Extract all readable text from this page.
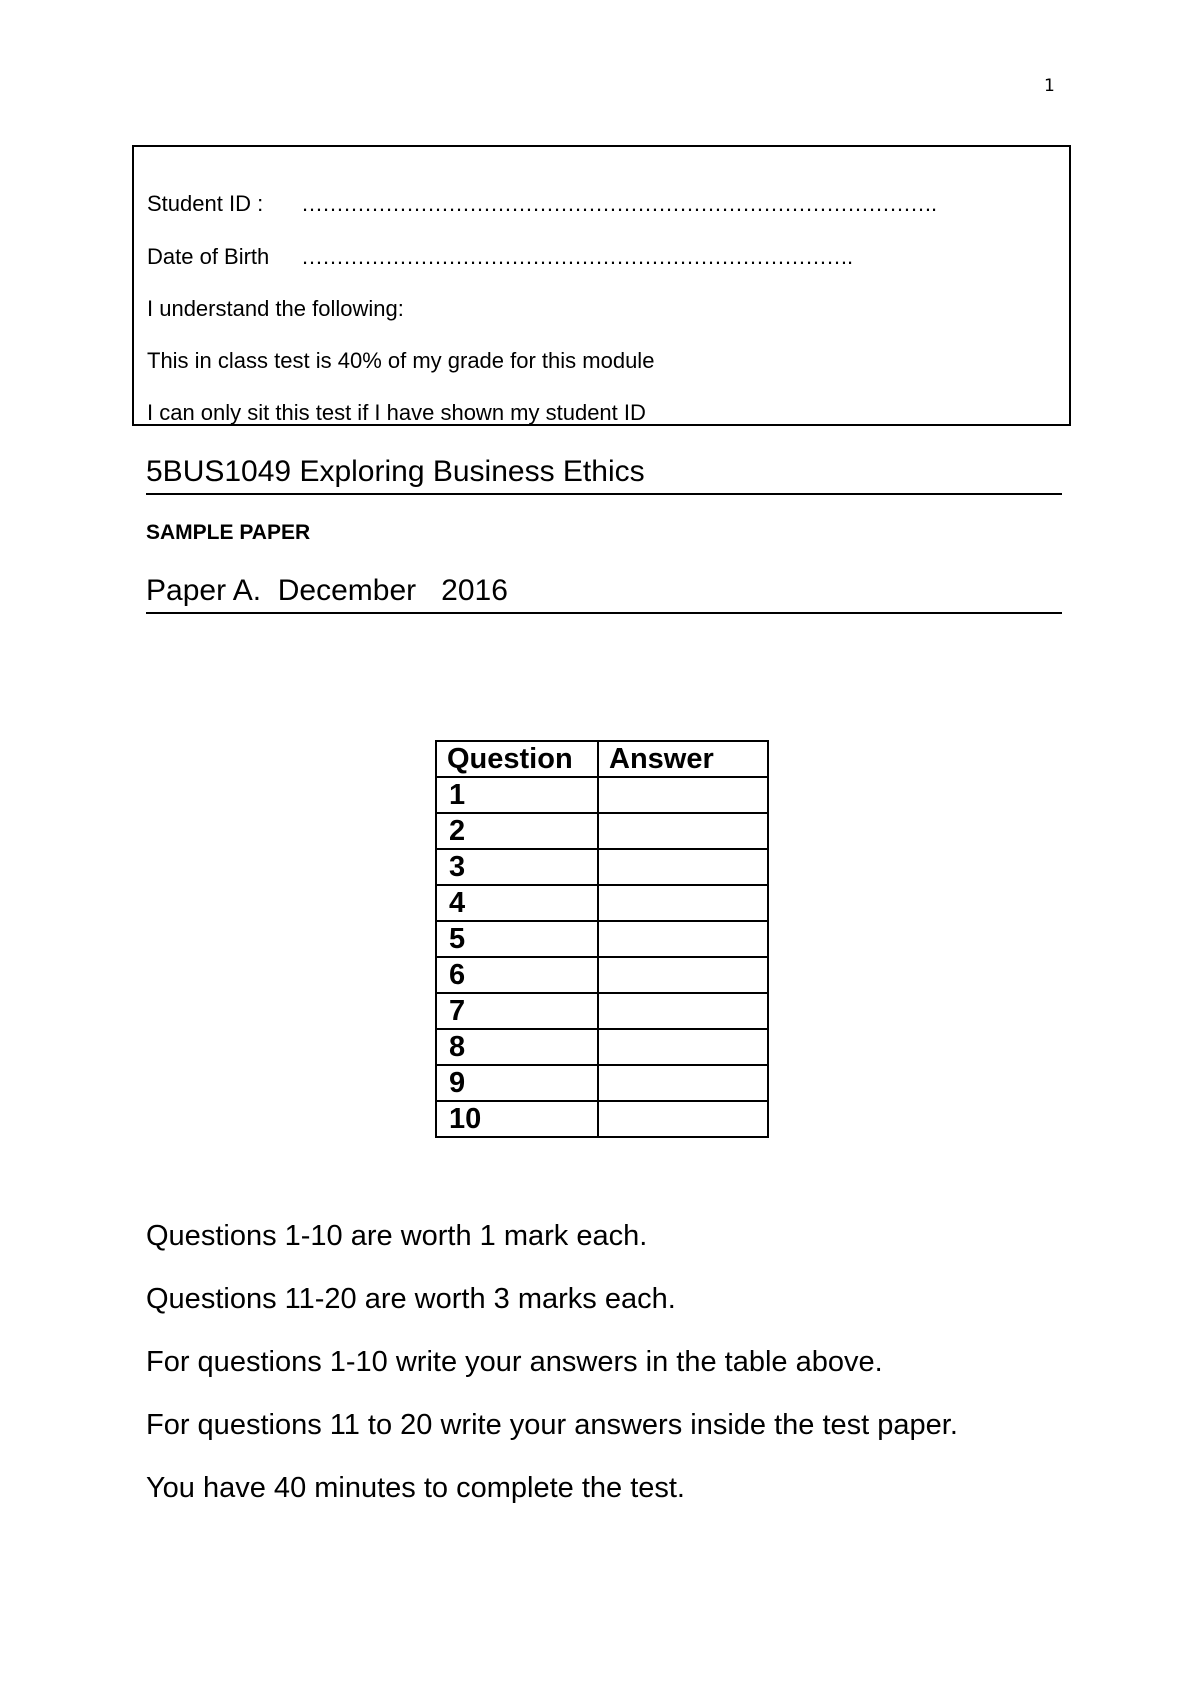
1
Student ID : ……………………………………………………………………………….
Date of Birth …………………………………………………………………….
I understand the following:
This in class test is 40% of my grade for this module
I can only sit this test if I have shown my student ID
5BUS1049 Exploring Business Ethics
SAMPLE PAPER
Paper A.  December   2016
Question	Answer
1	
2	
3	
4	
5	
6	
7	
8	
9	
10	
Questions 1-10 are worth 1 mark each.
Questions 11-20 are worth 3 marks each.
For questions 1-10 write your answers in the table above.
For questions 11 to 20 write your answers inside the test paper.
You have 40 minutes to complete the test.
